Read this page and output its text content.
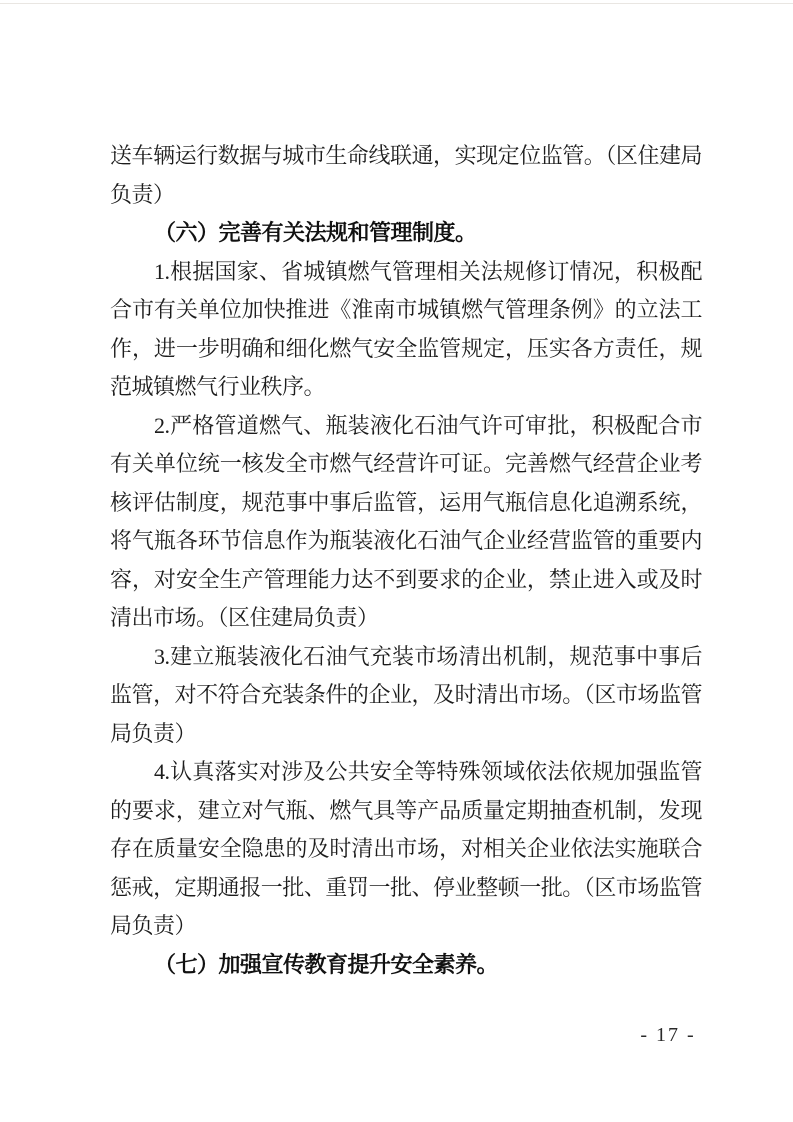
送车辆运行数据与城市生命线联通，实现定位监管。（区住建局负责）

（六）完善有关法规和管理制度。

1.根据国家、省城镇燃气管理相关法规修订情况，积极配合市有关单位加快推进《淮南市城镇燃气管理条例》的立法工作，进一步明确和细化燃气安全监管规定，压实各方责任，规范城镇燃气行业秩序。

2.严格管道燃气、瓶装液化石油气许可审批，积极配合市有关单位统一核发全市燃气经营许可证。完善燃气经营企业考核评估制度，规范事中事后监管，运用气瓶信息化追溯系统，将气瓶各环节信息作为瓶装液化石油气企业经营监管的重要内容，对安全生产管理能力达不到要求的企业，禁止进入或及时清出市场。（区住建局负责）

3.建立瓶装液化石油气充装市场清出机制，规范事中事后监管，对不符合充装条件的企业，及时清出市场。（区市场监管局负责）

4.认真落实对涉及公共安全等特殊领域依法依规加强监管的要求，建立对气瓶、燃气具等产品质量定期抽查机制，发现存在质量安全隐患的及时清出市场，对相关企业依法实施联合惩戒，定期通报一批、重罚一批、停业整顿一批。（区市场监管局负责）

（七）加强宣传教育提升安全素养。

- 17 -
